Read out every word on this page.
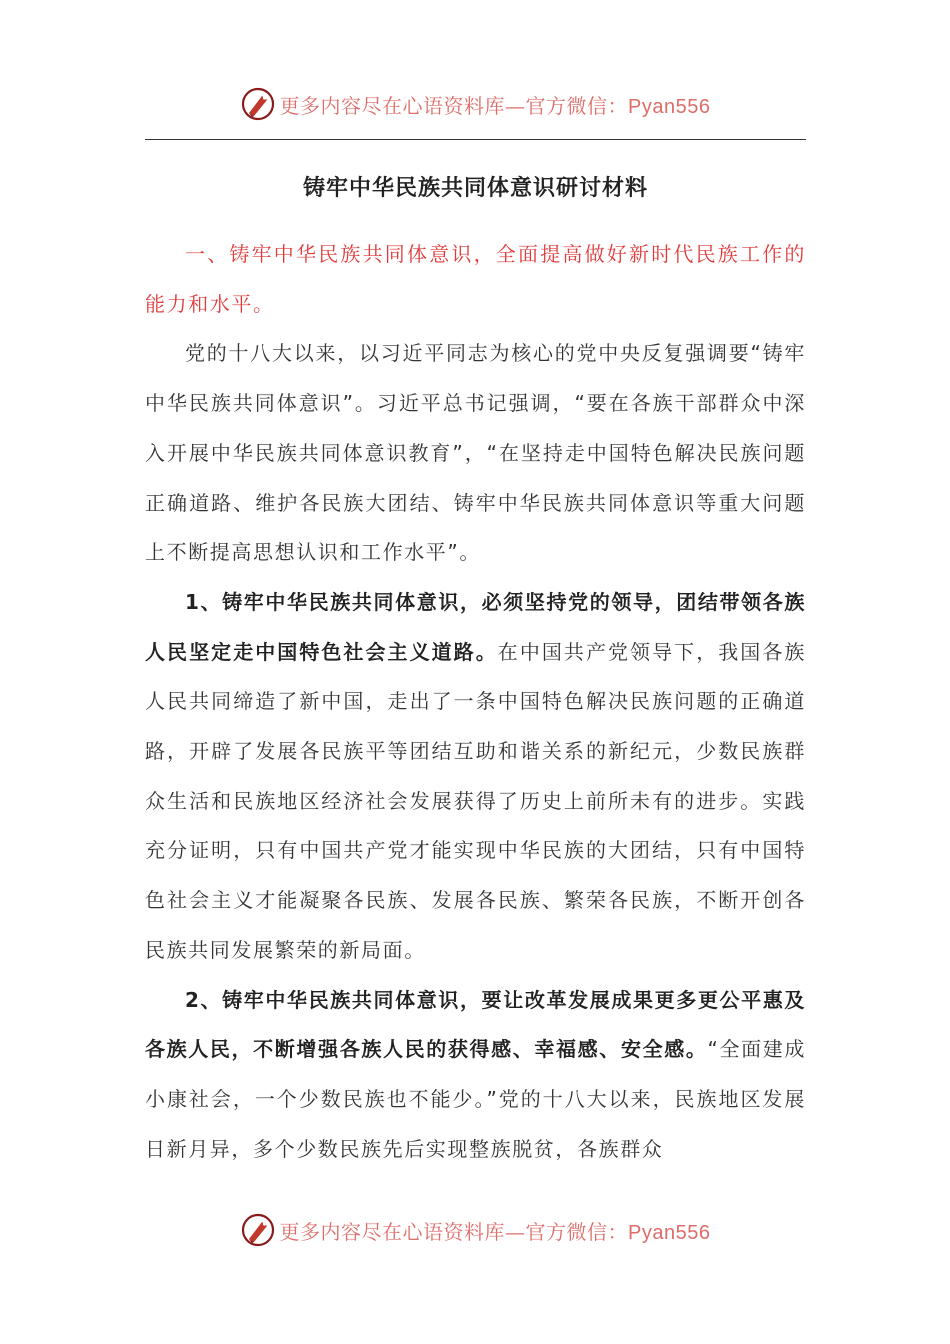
更多内容尽在心语资料库—官方微信：Pyan556
铸牢中华民族共同体意识研讨材料

一、铸牢中华民族共同体意识，全面提高做好新时代民族工作的能力和水平。

党的十八大以来，以习近平同志为核心的党中央反复强调要“铸牢中华民族共同体意识”。习近平总书记强调，“要在各族干部群众中深入开展中华民族共同体意识教育”，“在坚持走中国特色解决民族问题正确道路、维护各民族大团结、铸牢中华民族共同体意识等重大问题上不断提高思想认识和工作水平”。

1、铸牢中华民族共同体意识，必须坚持党的领导，团结带领各族人民坚定走中国特色社会主义道路。在中国共产党领导下，我国各族人民共同缔造了新中国，走出了一条中国特色解决民族问题的正确道路，开辟了发展各民族平等团结互助和谐关系的新纪元，少数民族群众生活和民族地区经济社会发展获得了历史上前所未有的进步。实践充分证明，只有中国共产党才能实现中华民族的大团结，只有中国特色社会主义才能凝聚各民族、发展各民族、繁荣各民族，不断开创各民族共同发展繁荣的新局面。

2、铸牢中华民族共同体意识，要让改革发展成果更多更公平惠及各族人民，不断增强各族人民的获得感、幸福感、安全感。“全面建成小康社会，一个少数民族也不能少。”党的十八大以来，民族地区发展日新月异，多个少数民族先后实现整族脱贫，各族群众

更多内容尽在心语资料库—官方微信：Pyan556
